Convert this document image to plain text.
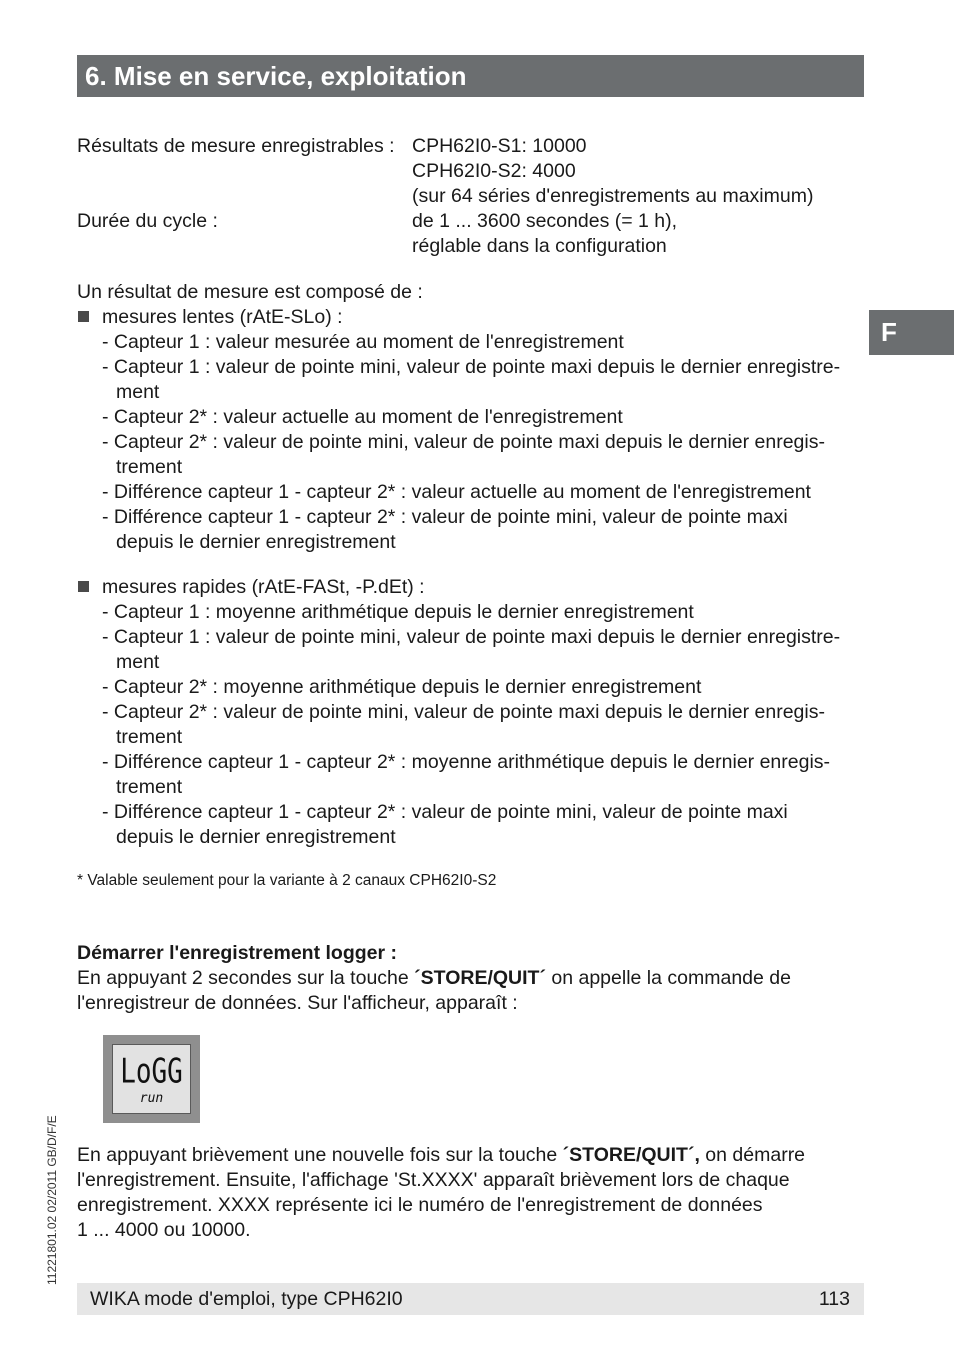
6. Mise en service, exploitation
F
Résultats de mesure enregistrables : CPH62I0-S1: 10000
CPH62I0-S2: 4000
(sur 64 séries d'enregistrements au maximum)
Durée du cycle :	de 1 ... 3600 secondes (= 1 h),
réglable dans la configuration
Un résultat de mesure est composé de :
mesures lentes (rAtE-SLo) :
- Capteur 1 : valeur mesurée au moment de l'enregistrement
- Capteur 1 : valeur de pointe mini, valeur de pointe maxi depuis le dernier enregistre-
ment
- Capteur 2* : valeur actuelle au moment de l'enregistrement
- Capteur 2* : valeur de pointe mini, valeur de pointe maxi depuis le dernier enregis-
trement
- Différence capteur 1 - capteur 2* : valeur actuelle au moment de l'enregistrement
- Différence capteur 1 - capteur 2* : valeur de pointe mini, valeur de pointe maxi
depuis le dernier enregistrement
mesures rapides (rAtE-FASt, -P.dEt) :
- Capteur 1 : moyenne arithmétique depuis le dernier enregistrement
- Capteur 1 : valeur de pointe mini, valeur de pointe maxi depuis le dernier enregistre-
ment
- Capteur 2* : moyenne arithmétique depuis le dernier enregistrement
- Capteur 2* : valeur de pointe mini, valeur de pointe maxi depuis le dernier enregis-
trement
- Différence capteur 1 - capteur 2* : moyenne arithmétique depuis le dernier enregis-
trement
- Différence capteur 1 - capteur 2* : valeur de pointe mini, valeur de pointe maxi
depuis le dernier enregistrement
* Valable seulement pour la variante à 2 canaux CPH62I0-S2
Démarrer l'enregistrement logger :
En appuyant 2 secondes sur la touche ´STORE/QUIT´ on appelle la commande de
l'enregistreur de données. Sur l'afficheur, apparaît :
LoGG
run
En appuyant brièvement une nouvelle fois sur la touche ´STORE/QUIT´, on démarre
l'enregistrement. Ensuite, l'affichage 'St.XXXX' apparaît brièvement lors de chaque
enregistrement. XXXX représente ici le numéro de l'enregistrement de données
1 ... 4000 ou 10000.
11221801.02 02/2011 GB/D/F/E
WIKA mode d'emploi, type CPH62I0	113
